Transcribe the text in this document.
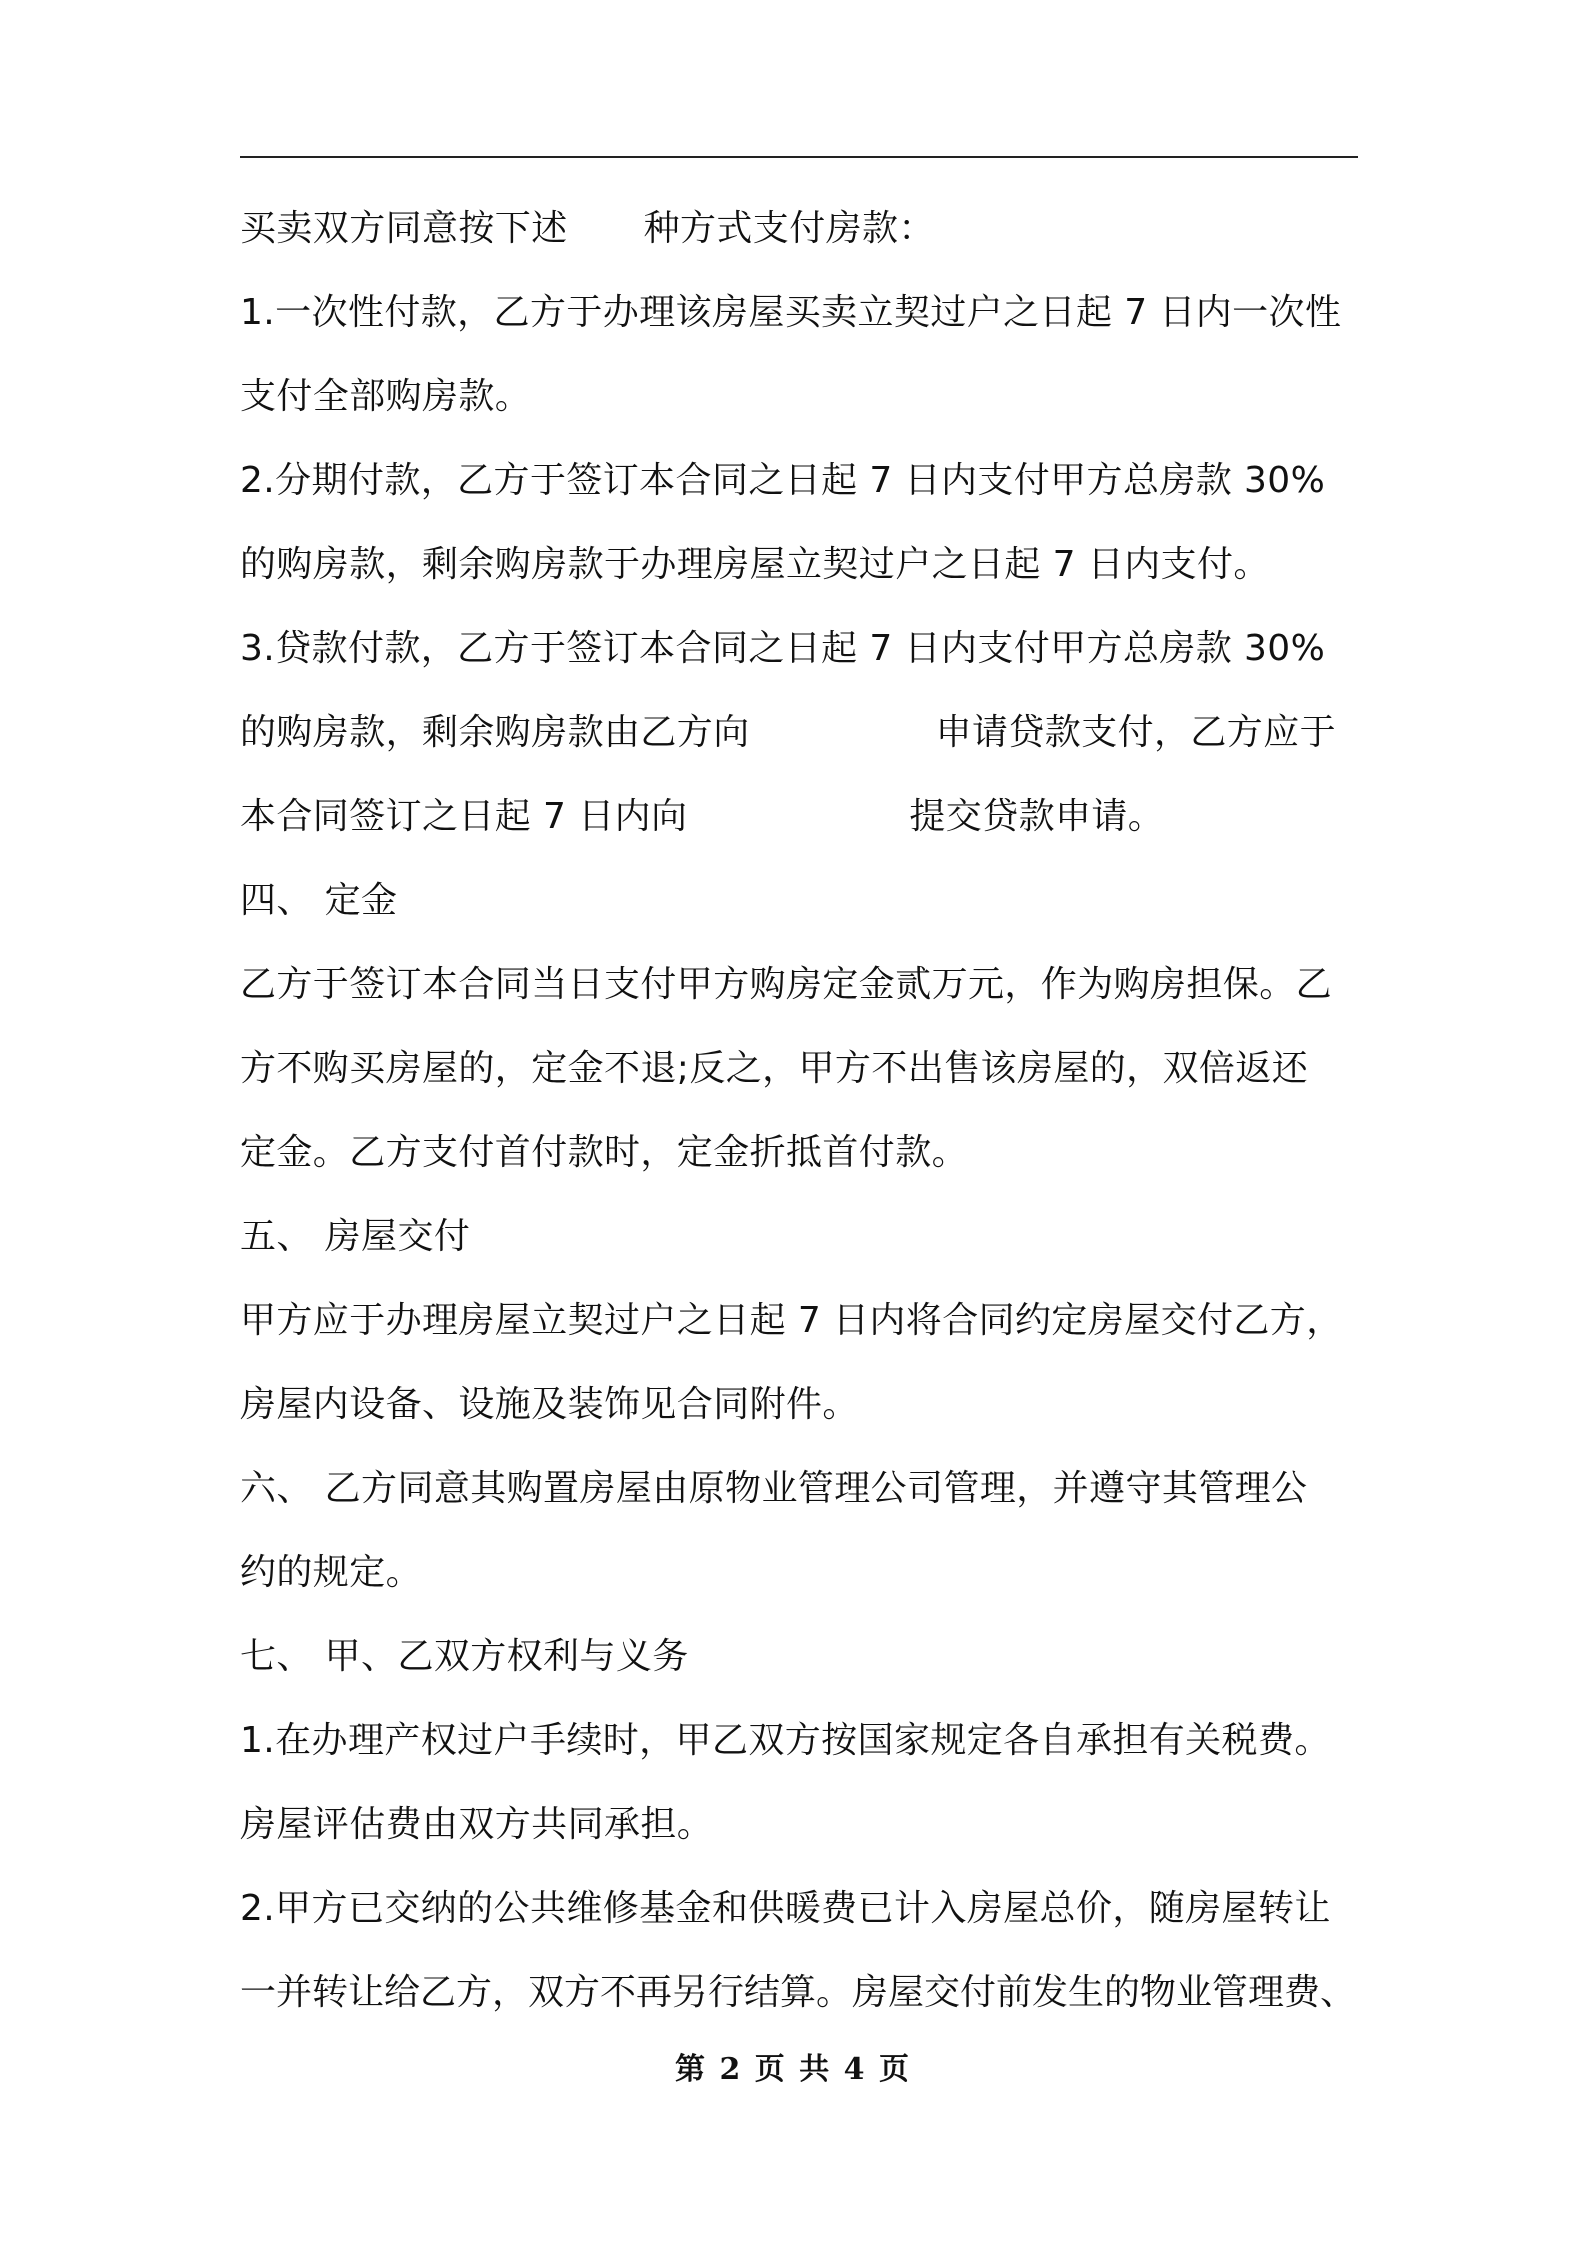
买卖双方同意按下述 种方式支付房款：
1.一次性付款，乙方于办理该房屋买卖立契过户之日起 7 日内一次性
支付全部购房款。
2.分期付款，乙方于签订本合同之日起 7 日内支付甲方总房款 30%
的购房款，剩余购房款于办理房屋立契过户之日起 7 日内支付。
3.贷款付款，乙方于签订本合同之日起 7 日内支付甲方总房款 30%
的购房款，剩余购房款由乙方向	申请贷款支付，乙方应于
本合同签订之日起 7 日内向	提交贷款申请。
四、 定金
乙方于签订本合同当日支付甲方购房定金贰万元，作为购房担保。乙
方不购买房屋的，定金不退;反之，甲方不出售该房屋的，双倍返还
定金。乙方支付首付款时，定金折抵首付款。
五、 房屋交付
甲方应于办理房屋立契过户之日起 7 日内将合同约定房屋交付乙方，
房屋内设备、设施及装饰见合同附件。
六、 乙方同意其购置房屋由原物业管理公司管理，并遵守其管理公
约的规定。
七、 甲、乙双方权利与义务
1.在办理产权过户手续时，甲乙双方按国家规定各自承担有关税费。
房屋评估费由双方共同承担。
2.甲方已交纳的公共维修基金和供暖费已计入房屋总价，随房屋转让
一并转让给乙方，双方不再另行结算。房屋交付前发生的物业管理费、
第 2 页 共 4 页
